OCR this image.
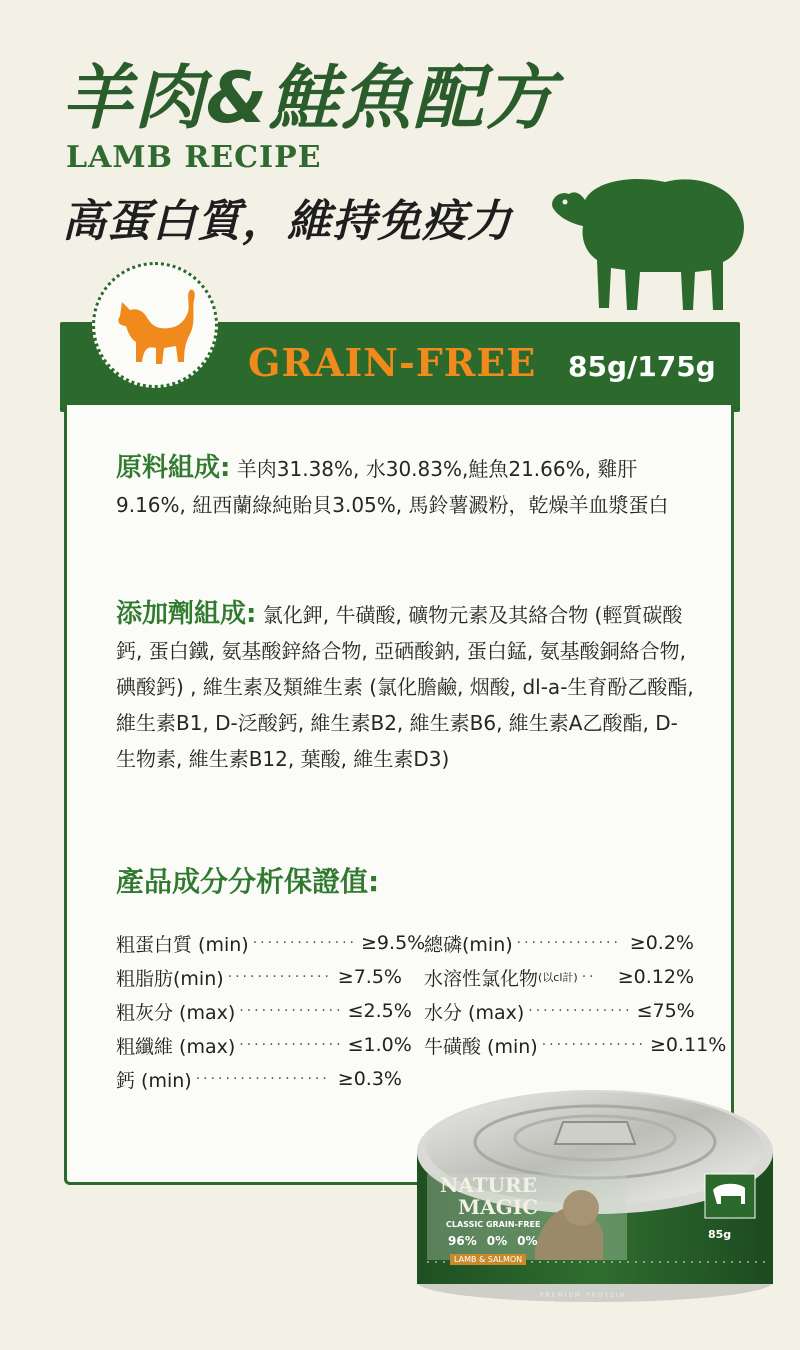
羊肉&鮭魚配方
LAMB RECIPE
高蛋白質，維持免疫力
GRAIN-FREE 85g/175g
原料組成: 羊肉31.38%, 水30.83%,鮭魚21.66%, 雞肝9.16%, 紐西蘭綠純貽貝3.05%, 馬鈴薯澱粉，乾燥羊血漿蛋白
添加劑組成: 氯化鉀, 牛磺酸, 礦物元素及其絡合物 (輕質碳酸鈣, 蛋白鐵, 氨基酸鋅絡合物, 亞硒酸鈉, 蛋白錳, 氨基酸銅絡合物, 碘酸鈣) , 維生素及類維生素 (氯化膽鹼, 烟酸, dl-a-生育酚乙酸酯, 維生素B1, D-泛酸鈣, 維生素B2, 維生素B6, 維生素A乙酸酯, D-生物素, 維生素B12, 葉酸, 維生素D3)
產品成分分析保證值:
粗蛋白質 (min) ·············· ≥9.5%
粗脂肪(min) ·············· ≥7.5%
粗灰分 (max) ·············· ≤2.5%
粗纖維 (max) ·············· ≤1.0%
鈣 (min) ·················· ≥0.3%
總磷(min) ·············· ≥0.2%
水溶性氯化物 (以cl計) ··	≥0.12%
水分 (max) ·············· ≤75%
牛磺酸 (min) ·············· ≥0.11%
NATURE
MAGIC
CLASSIC GRAIN-FREE
96% 0% 0%
LAMB & SALMON
85g
PREMIUM PROTEIN
